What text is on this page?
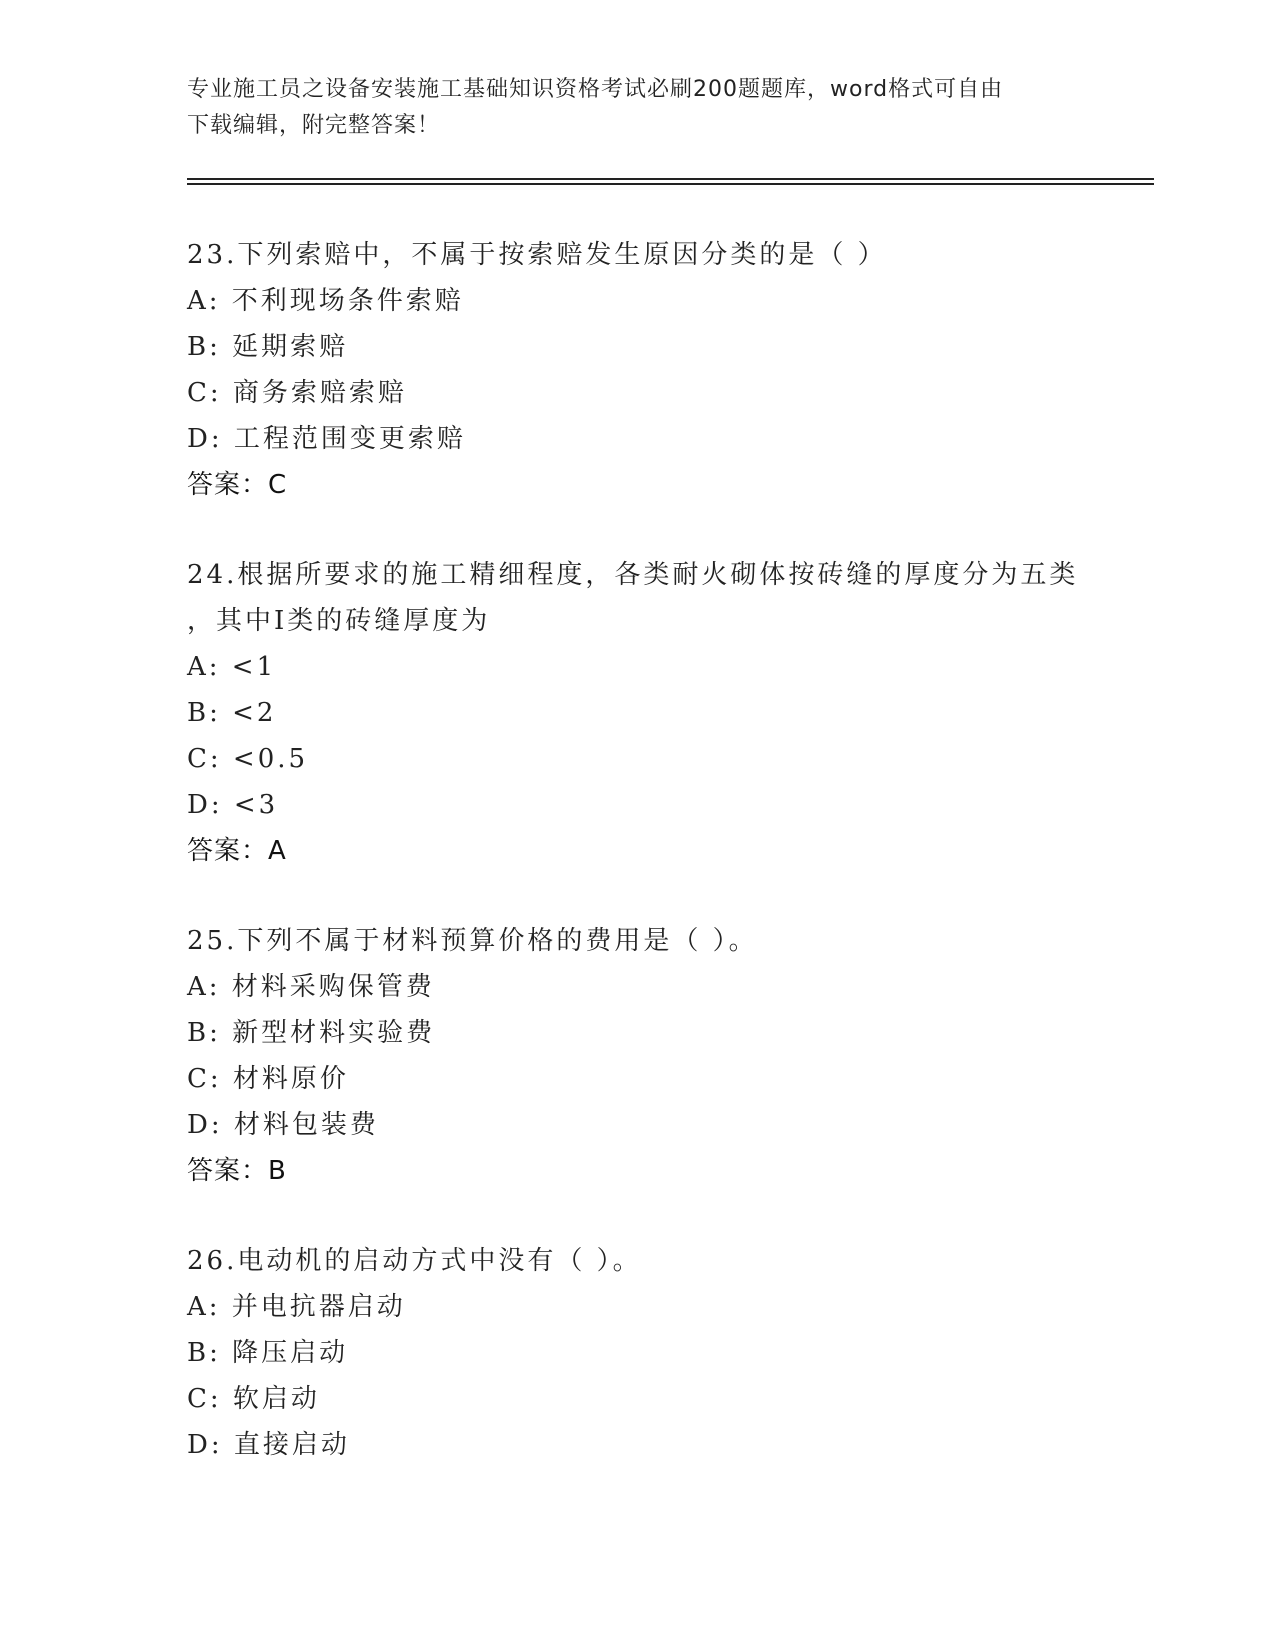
专业施工员之设备安装施工基础知识资格考试必刷200题题库，word格式可自由
下载编辑，附完整答案！
23.下列索赔中，不属于按索赔发生原因分类的是（ ）
A: 不利现场条件索赔
B: 延期索赔
C: 商务索赔索赔
D: 工程范围变更索赔
答案：C
24.根据所要求的施工精细程度，各类耐火砌体按砖缝的厚度分为五类
，其中Ⅰ类的砖缝厚度为
A: <1
B: <2
C: <0.5
D: <3
答案：A
25.下列不属于材料预算价格的费用是（ ）。
A: 材料采购保管费
B: 新型材料实验费
C: 材料原价
D: 材料包装费
答案：B
26.电动机的启动方式中没有（ ）。
A: 并电抗器启动
B: 降压启动
C: 软启动
D: 直接启动
